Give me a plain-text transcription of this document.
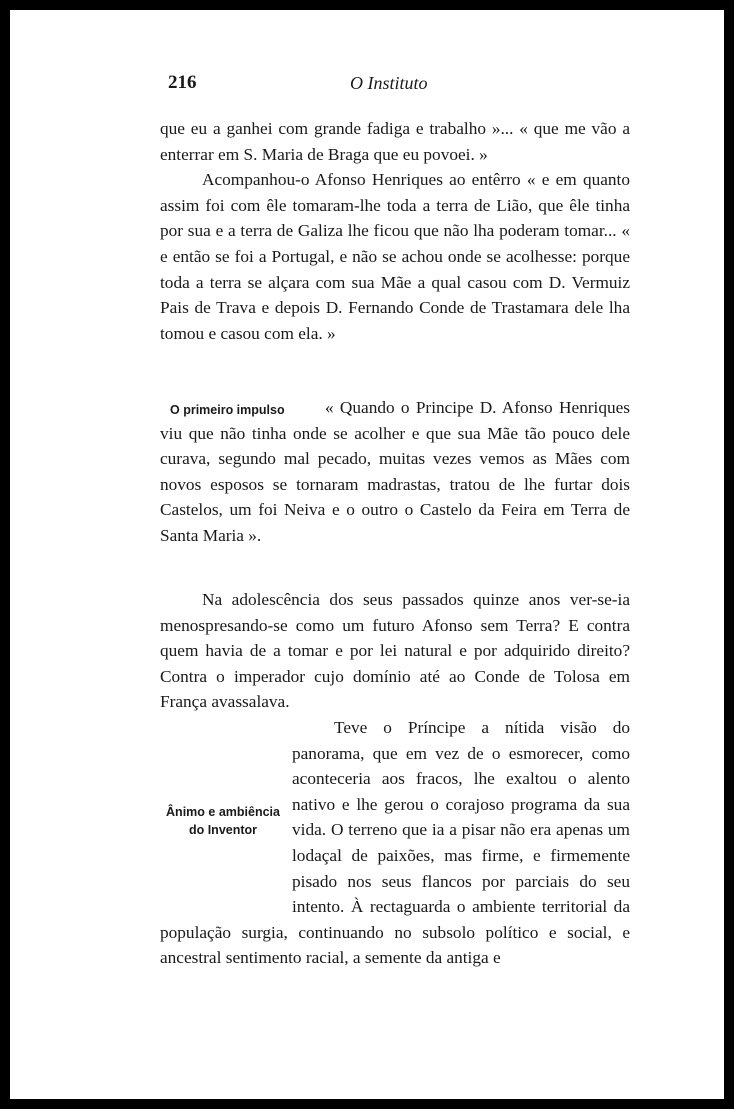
216	O Instituto

que eu a ganhei com grande fadiga e trabalho »... « que me vão a enterrar em S. Maria de Braga que eu povoei. »

Acompanhou-o Afonso Henriques ao entêrro « e em quanto assim foi com êle tomaram-lhe toda a terra de Lião, que êle tinha por sua e a terra de Galiza lhe ficou que não lha poderam tomar... « e então se foi a Portugal, e não se achou onde se acolhesse: porque toda a terra se alçara com sua Mãe a qual casou com D. Vermuiz Pais de Trava e depois D. Fernando Conde de Trastamara dele lha tomou e casou com ela. »

O primeiro impulso	« Quando o Principe D. Afonso Henriques viu que não tinha onde se acolher e que sua Mãe tão pouco dele curava, segundo mal pecado, muitas vezes vemos as Mães com novos esposos se tornaram madrastas, tratou de lhe furtar dois Castelos, um foi Neiva e o outro o Castelo da Feira em Terra de Santa Maria ».

Ânimo e ambiência
do Inventor

Na adolescência dos seus passados quinze anos ver-se-ia menospresando-se como um futuro Afonso sem Terra? E contra quem havia de a tomar e por lei natural e por adquirido direito? Contra o imperador cujo domínio até ao Conde de Tolosa em França avassalava.

Teve o Príncipe a nítida visão do panorama, que em vez de o esmorecer, como aconteceria aos fracos, lhe exaltou o alento nativo e lhe gerou o corajoso programa da sua vida. O terreno que ia a pisar não era apenas um lodaçal de paixões, mas firme, e firmemente pisado nos seus flancos por parciais do seu intento. À rectaguarda o ambiente territorial da população surgia, continuando no subsolo político e social, e ancestral sentimento racial, a semente da antiga e
